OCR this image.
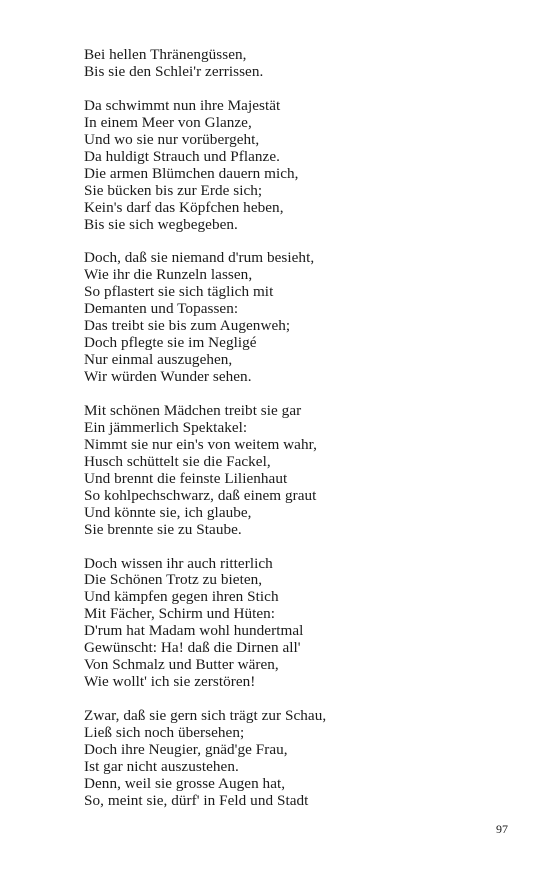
Bei hellen Thränengüssen,
Bis sie den Schlei'r zerrissen.
Da schwimmt nun ihre Majestät
In einem Meer von Glanze,
Und wo sie nur vorübergeht,
Da huldigt Strauch und Pflanze.
Die armen Blümchen dauern mich,
Sie bücken bis zur Erde sich;
Kein's darf das Köpfchen heben,
Bis sie sich wegbegeben.
Doch, daß sie niemand d'rum besieht,
Wie ihr die Runzeln lassen,
So pflastert sie sich täglich mit
Demanten und Topassen:
Das treibt sie bis zum Augenweh;
Doch pflegte sie im Negligé
Nur einmal auszugehen,
Wir würden Wunder sehen.
Mit schönen Mädchen treibt sie gar
Ein jämmerlich Spektakel:
Nimmt sie nur ein's von weitem wahr,
Husch schüttelt sie die Fackel,
Und brennt die feinste Lilienhaut
So kohlpechschwarz, daß einem graut
Und könnte sie, ich glaube,
Sie brennte sie zu Staube.
Doch wissen ihr auch ritterlich
Die Schönen Trotz zu bieten,
Und kämpfen gegen ihren Stich
Mit Fächer, Schirm und Hüten:
D'rum hat Madam wohl hundertmal
Gewünscht: Ha! daß die Dirnen all'
Von Schmalz und Butter wären,
Wie wollt' ich sie zerstören!
Zwar, daß sie gern sich trägt zur Schau,
Ließ sich noch übersehen;
Doch ihre Neugier, gnäd'ge Frau,
Ist gar nicht auszustehen.
Denn, weil sie grosse Augen hat,
So, meint sie, dürf' in Feld und Stadt
97
